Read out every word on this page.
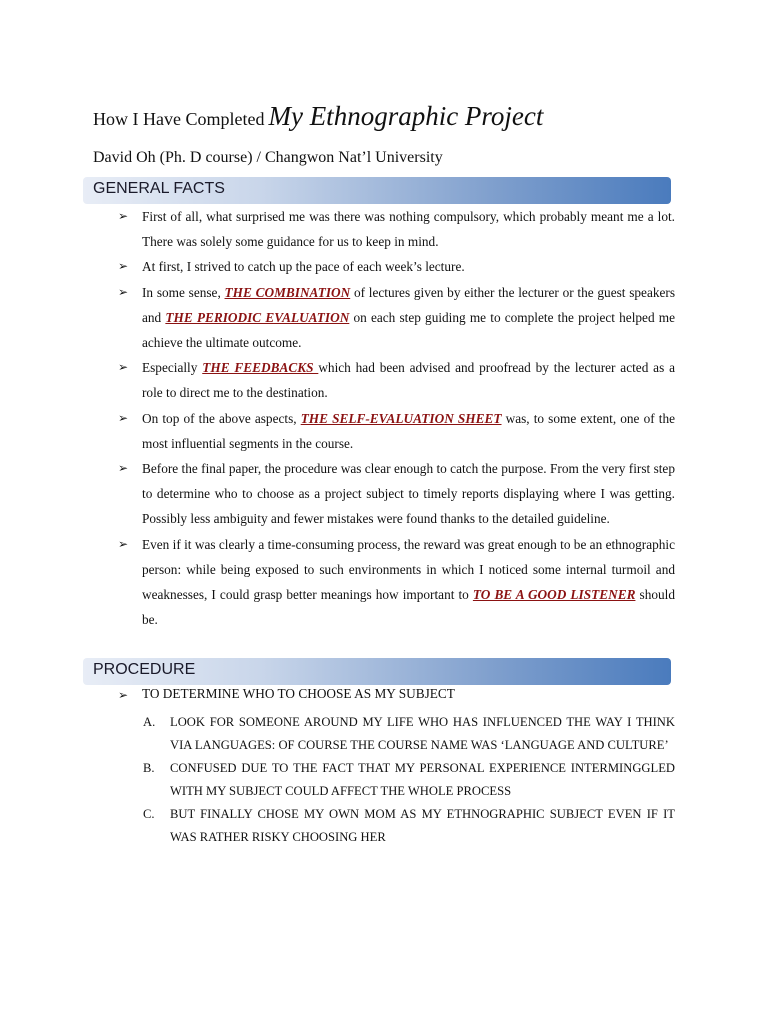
How I Have Completed My Ethnographic Project
David Oh (Ph. D course) / Changwon Nat’l University
GENERAL FACTS
➢ First of all, what surprised me was there was nothing compulsory, which probably meant me a lot. There was solely some guidance for us to keep in mind.
➢ At first, I strived to catch up the pace of each week’s lecture.
➢ In some sense, THE COMBINATION of lectures given by either the lecturer or the guest speakers and THE PERIODIC EVALUATION on each step guiding me to complete the project helped me achieve the ultimate outcome.
➢ Especially THE FEEDBACKS which had been advised and proofread by the lecturer acted as a role to direct me to the destination.
➢ On top of the above aspects, THE SELF-EVALUATION SHEET was, to some extent, one of the most influential segments in the course.
➢ Before the final paper, the procedure was clear enough to catch the purpose. From the very first step to determine who to choose as a project subject to timely reports displaying where I was getting. Possibly less ambiguity and fewer mistakes were found thanks to the detailed guideline.
➢ Even if it was clearly a time-consuming process, the reward was great enough to be an ethnographic person: while being exposed to such environments in which I noticed some internal turmoil and weaknesses, I could grasp better meanings how important to TO BE A GOOD LISTENER should be.
PROCEDURE
➢ TO DETERMINE WHO TO CHOOSE AS MY SUBJECT
A. LOOK FOR SOMEONE AROUND MY LIFE WHO HAS INFLUENCED THE WAY I THINK VIA LANGUAGES: OF COURSE THE COURSE NAME WAS ‘LANGUAGE AND CULTURE’
B. CONFUSED DUE TO THE FACT THAT MY PERSONAL EXPERIENCE INTERMINGGLED WITH MY SUBJECT COULD AFFECT THE WHOLE PROCESS
C. BUT FINALLY CHOSE MY OWN MOM AS MY ETHNOGRAPHIC SUBJECT EVEN IF IT WAS RATHER RISKY CHOOSING HER
